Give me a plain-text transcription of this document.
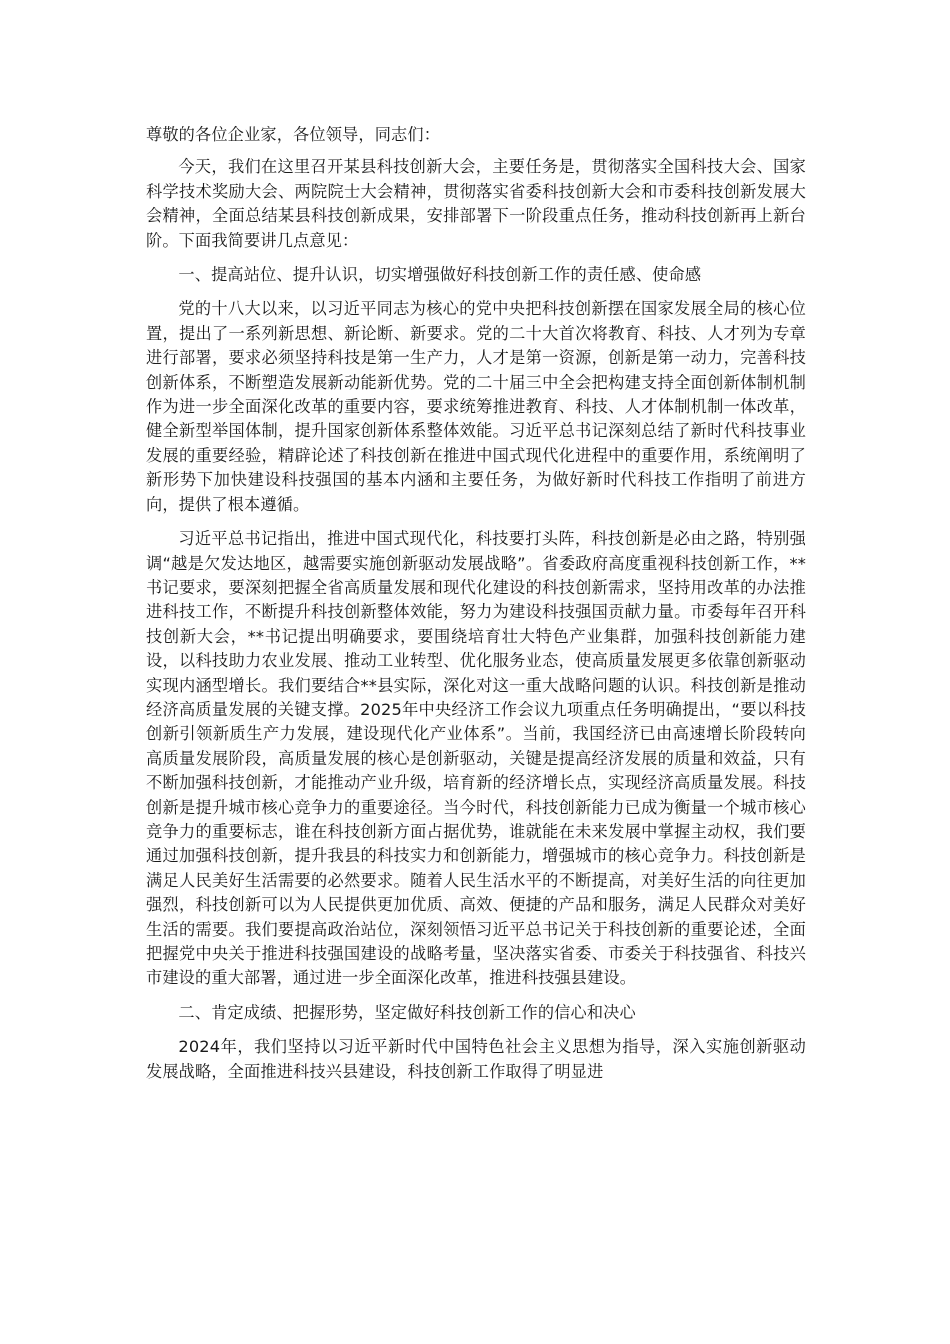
尊敬的各位企业家，各位领导，同志们：

今天，我们在这里召开某县科技创新大会，主要任务是，贯彻落实全国科技大会、国家科学技术奖励大会、两院院士大会精神，贯彻落实省委科技创新大会和市委科技创新发展大会精神，全面总结某县科技创新成果，安排部署下一阶段重点任务，推动科技创新再上新台阶。下面我简要讲几点意见：

一、提高站位、提升认识，切实增强做好科技创新工作的责任感、使命感

党的十八大以来，以习近平同志为核心的党中央把科技创新摆在国家发展全局的核心位置，提出了一系列新思想、新论断、新要求。党的二十大首次将教育、科技、人才列为专章进行部署，要求必须坚持科技是第一生产力，人才是第一资源，创新是第一动力，完善科技创新体系，不断塑造发展新动能新优势。党的二十届三中全会把构建支持全面创新体制机制作为进一步全面深化改革的重要内容，要求统筹推进教育、科技、人才体制机制一体改革，健全新型举国体制，提升国家创新体系整体效能。习近平总书记深刻总结了新时代科技事业发展的重要经验，精辟论述了科技创新在推进中国式现代化进程中的重要作用，系统阐明了新形势下加快建设科技强国的基本内涵和主要任务，为做好新时代科技工作指明了前进方向，提供了根本遵循。

习近平总书记指出，推进中国式现代化，科技要打头阵，科技创新是必由之路，特别强调“越是欠发达地区，越需要实施创新驱动发展战略”。省委政府高度重视科技创新工作，**书记要求，要深刻把握全省高质量发展和现代化建设的科技创新需求，坚持用改革的办法推进科技工作，不断提升科技创新整体效能，努力为建设科技强国贡献力量。市委每年召开科技创新大会，**书记提出明确要求，要围绕培育壮大特色产业集群，加强科技创新能力建设，以科技助力农业发展、推动工业转型、优化服务业态，使高质量发展更多依靠创新驱动实现内涵型增长。我们要结合**县实际，深化对这一重大战略问题的认识。科技创新是推动经济高质量发展的关键支撑。2025年中央经济工作会议九项重点任务明确提出，“要以科技创新引领新质生产力发展，建设现代化产业体系”。当前，我国经济已由高速增长阶段转向高质量发展阶段，高质量发展的核心是创新驱动，关键是提高经济发展的质量和效益，只有不断加强科技创新，才能推动产业升级，培育新的经济增长点，实现经济高质量发展。科技创新是提升城市核心竞争力的重要途径。当今时代，科技创新能力已成为衡量一个城市核心竞争力的重要标志，谁在科技创新方面占据优势，谁就能在未来发展中掌握主动权，我们要通过加强科技创新，提升我县的科技实力和创新能力，增强城市的核心竞争力。科技创新是满足人民美好生活需要的必然要求。随着人民生活水平的不断提高，对美好生活的向往更加强烈，科技创新可以为人民提供更加优质、高效、便捷的产品和服务，满足人民群众对美好生活的需要。我们要提高政治站位，深刻领悟习近平总书记关于科技创新的重要论述，全面把握党中央关于推进科技强国建设的战略考量，坚决落实省委、市委关于科技强省、科技兴市建设的重大部署，通过进一步全面深化改革，推进科技强县建设。

二、肯定成绩、把握形势，坚定做好科技创新工作的信心和决心

2024年，我们坚持以习近平新时代中国特色社会主义思想为指导，深入实施创新驱动发展战略，全面推进科技兴县建设，科技创新工作取得了明显进
